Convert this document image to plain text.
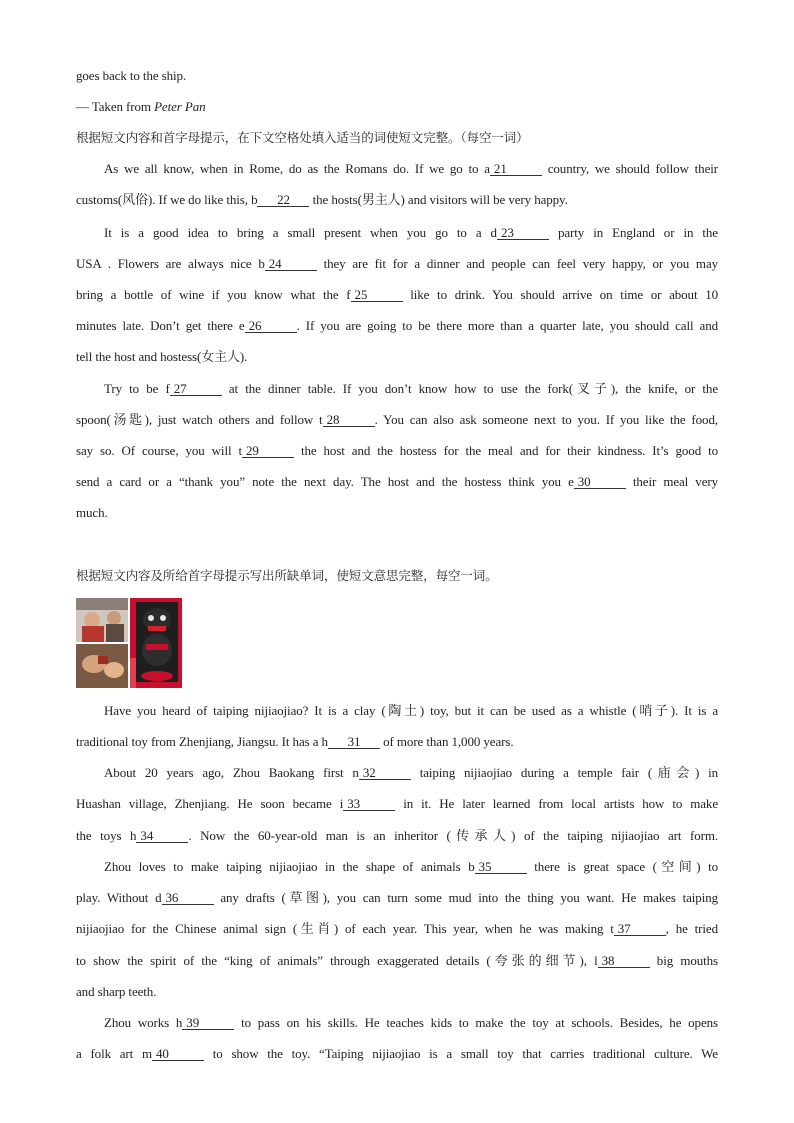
goes back to the ship.
— Taken from Peter Pan
根据短文内容和首字母提示，在下文空格处填入适当的词使短文完整。（每空一词）
As we all know, when in Rome, do as the Romans do. If we go to a 21	country, we should follow their
customs(风俗). If we do like this, b 22 the hosts(男主人) and visitors will be very happy.
It is a good idea to bring a small present when you go to a d 23	party in England or in the
USA . Flowers are always nice b 24	they are fit for a dinner and people can feel very happy, or you may
bring a bottle of wine if you know what the f 25	like to drink. You should arrive on time or about 10
minutes late. Don’t get there e 26	. If you are going to be there more than a quarter late, you should call and
tell the host and hostess(女主人).
Try to be f 27	at the dinner table. If you don’t know how to use the fork(叉子), the knife, or the
spoon(汤匙), just watch others and follow t 28	. You can also ask someone next to you. If you like the food,
say so. Of course, you will t 29	the host and the hostess for the meal and for their kindness. It’s good to
send a card or a “thank you” note the next day. The host and the hostess think you e 30	their meal very
much.
根据短文内容及所给首字母提示写出所缺单词，使短文意思完整，每空一词。
Have you heard of taiping nijiaojiao? It is a clay (陶土) toy, but it can be used as a whistle (哨子). It is a
traditional toy from Zhenjiang, Jiangsu. It has a h 31 of more than 1,000 years.
About 20 years ago, Zhou Baokang first n 32	taiping nijiaojiao during a temple fair (庙会) in
Huashan village, Zhenjiang. He soon became i 33	in it. He later learned from local artists how to make
the toys h 34	. Now the 60-year-old man is an inheritor (传承人) of the taiping nijiaojiao art form.
Zhou loves to make taiping nijiaojiao in the shape of animals b 35	there is great space (空间) to
play. Without d 36	any drafts (草图), you can turn some mud into the thing you want. He makes taiping
nijiaojiao for the Chinese animal sign (生肖) of each year. This year, when he was making t 37	, he tried
to show the spirit of the “king of animals” through exaggerated details (夸张的细节), l 38	big mouths
and sharp teeth.
Zhou works h 39	to pass on his skills. He teaches kids to make the toy at schools. Besides, he opens
a folk art m 40	to show the toy. “Taiping nijiaojiao is a small toy that carries traditional culture. We
